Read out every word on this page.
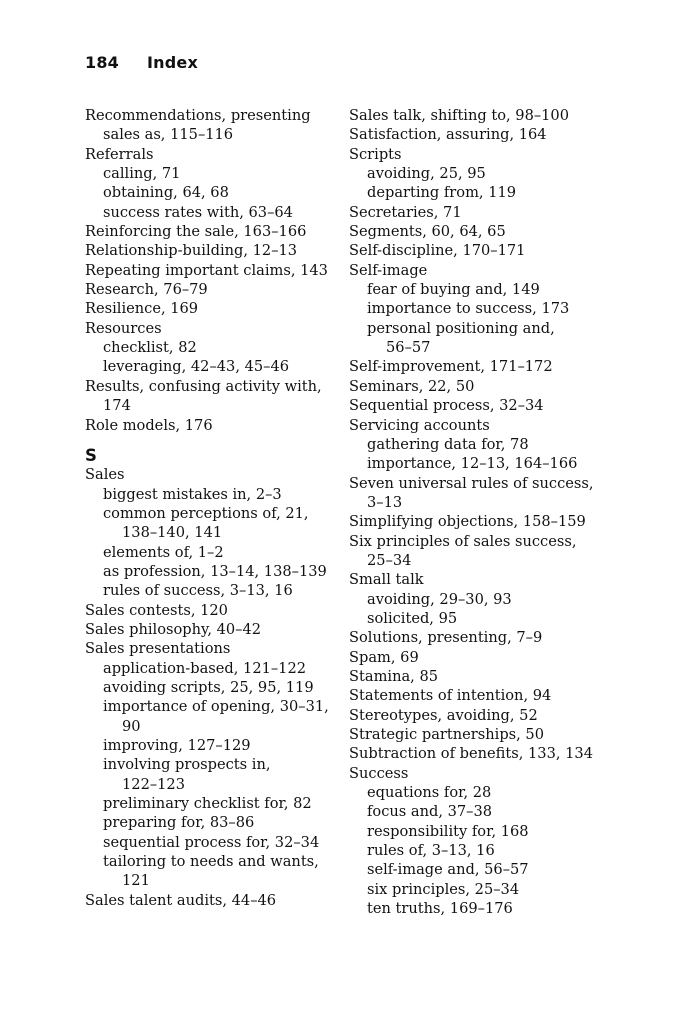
184 Index
Recommendations, presenting
sales as, 115–116
Referrals
calling, 71
obtaining, 64, 68
success rates with, 63–64
Reinforcing the sale, 163–166
Relationship-building, 12–13
Repeating important claims, 143
Research, 76–79
Resilience, 169
Resources
checklist, 82
leveraging, 42–43, 45–46
Results, confusing activity with,
174
Role models, 176
S
Sales
biggest mistakes in, 2–3
common perceptions of, 21,
138–140, 141
elements of, 1–2
as profession, 13–14, 138–139
rules of success, 3–13, 16
Sales contests, 120
Sales philosophy, 40–42
Sales presentations
application-based, 121–122
avoiding scripts, 25, 95, 119
importance of opening, 30–31,
90
improving, 127–129
involving prospects in,
122–123
preliminary checklist for, 82
preparing for, 83–86
sequential process for, 32–34
tailoring to needs and wants,
121
Sales talent audits, 44–46
Sales talk, shifting to, 98–100
Satisfaction, assuring, 164
Scripts
avoiding, 25, 95
departing from, 119
Secretaries, 71
Segments, 60, 64, 65
Self-discipline, 170–171
Self-image
fear of buying and, 149
importance to success, 173
personal positioning and,
56–57
Self-improvement, 171–172
Seminars, 22, 50
Sequential process, 32–34
Servicing accounts
gathering data for, 78
importance, 12–13, 164–166
Seven universal rules of success,
3–13
Simplifying objections, 158–159
Six principles of sales success,
25–34
Small talk
avoiding, 29–30, 93
solicited, 95
Solutions, presenting, 7–9
Spam, 69
Stamina, 85
Statements of intention, 94
Stereotypes, avoiding, 52
Strategic partnerships, 50
Subtraction of benefits, 133, 134
Success
equations for, 28
focus and, 37–38
responsibility for, 168
rules of, 3–13, 16
self-image and, 56–57
six principles, 25–34
ten truths, 169–176
